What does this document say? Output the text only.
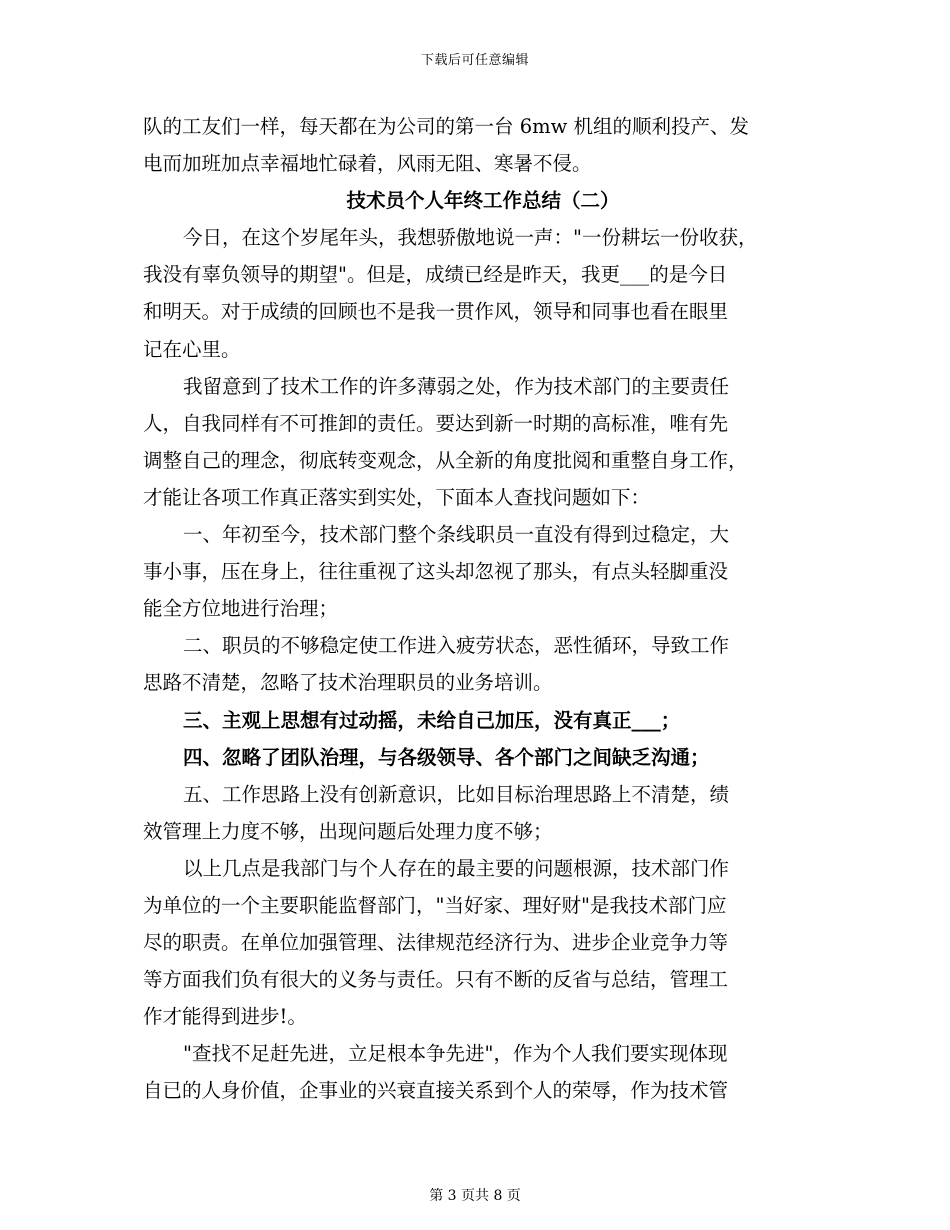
下载后可任意编辑
队的工友们一样，每天都在为公司的第一台 6mw 机组的顺利投产、发
电而加班加点幸福地忙碌着，风雨无阻、寒暑不侵。
技术员个人年终工作总结（二）
今日，在这个岁尾年头，我想骄傲地说一声："一份耕坛一份收获，
我没有辜负领导的期望"。但是，成绩已经是昨天，我更___的是今日
和明天。对于成绩的回顾也不是我一贯作风，领导和同事也看在眼里
记在心里。
我留意到了技术工作的许多薄弱之处，作为技术部门的主要责任
人，自我同样有不可推卸的责任。要达到新一时期的高标准，唯有先
调整自己的理念，彻底转变观念，从全新的角度批阅和重整自身工作，
才能让各项工作真正落实到实处，下面本人查找问题如下：
一、年初至今，技术部门整个条线职员一直没有得到过稳定，大
事小事，压在身上，往往重视了这头却忽视了那头，有点头轻脚重没
能全方位地进行治理；
二、职员的不够稳定使工作进入疲劳状态，恶性循环，导致工作
思路不清楚，忽略了技术治理职员的业务培训。
三、主观上思想有过动摇，未给自己加压，没有真正___；
四、忽略了团队治理，与各级领导、各个部门之间缺乏沟通；
五、工作思路上没有创新意识，比如目标治理思路上不清楚，绩
效管理上力度不够，出现问题后处理力度不够；
以上几点是我部门与个人存在的最主要的问题根源，技术部门作
为单位的一个主要职能监督部门，"当好家、理好财"是我技术部门应
尽的职责。在单位加强管理、法律规范经济行为、进步企业竞争力等
等方面我们负有很大的义务与责任。只有不断的反省与总结，管理工
作才能得到进步!。
"查找不足赶先进，立足根本争先进"，作为个人我们要实现体现
自已的人身价值，企事业的兴衰直接关系到个人的荣辱，作为技术管
第 3 页共 8 页
